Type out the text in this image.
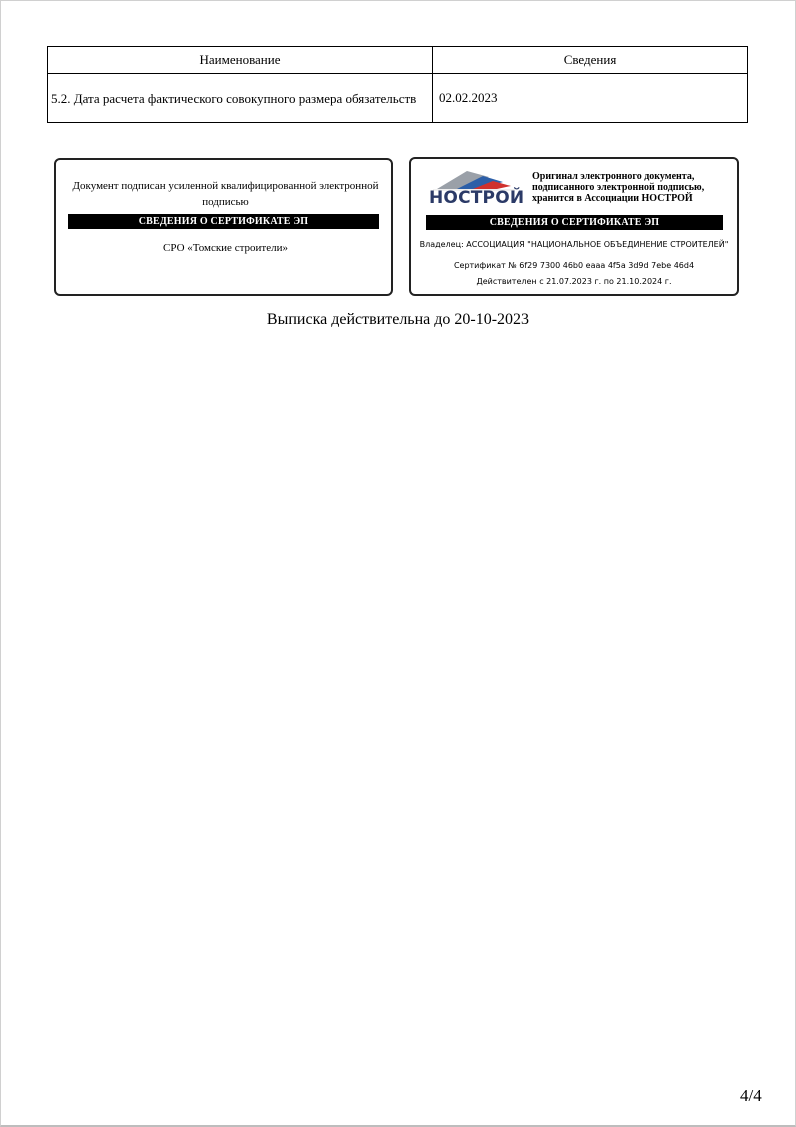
Наименование	Сведения
5.2. Дата расчета фактического совокупного размера обязательств	02.02.2023
Документ подписан усиленной квалифицированной электронной подписью
СВЕДЕНИЯ О СЕРТИФИКАТЕ ЭП
СРО «Томские строители»
НОСТРОЙ
Оригинал электронного документа, подписанного электронной подписью, хранится в Ассоциации НОСТРОЙ
СВЕДЕНИЯ О СЕРТИФИКАТЕ ЭП
Владелец: АССОЦИАЦИЯ "НАЦИОНАЛЬНОЕ ОБЪЕДИНЕНИЕ СТРОИТЕЛЕЙ"
Сертификат № 6f29 7300 46b0 eaaa 4f5a 3d9d 7ebe 46d4
Действителен с 21.07.2023 г. по 21.10.2024 г.
Выписка действительна до 20-10-2023
4/4
